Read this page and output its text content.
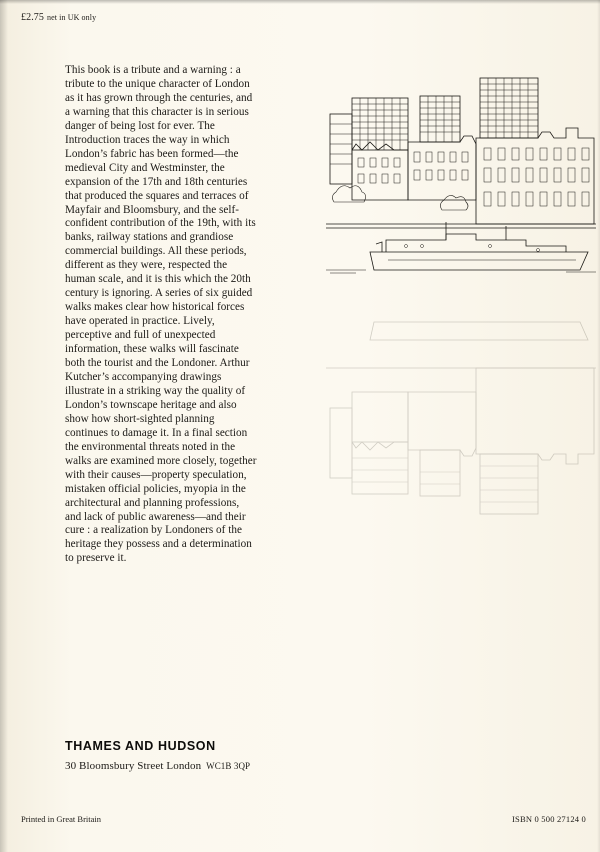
£2.75 net in UK only
This book is a tribute and a warning : a
tribute to the unique character of London
as it has grown through the centuries, and
a warning that this character is in serious
danger of being lost for ever. The
Introduction traces the way in which
London’s fabric has been formed—the
medieval City and Westminster, the
expansion of the 17th and 18th centuries
that produced the squares and terraces of
Mayfair and Bloomsbury, and the self-
confident contribution of the 19th, with its
banks, railway stations and grandiose
commercial buildings. All these periods,
different as they were, respected the
human scale, and it is this which the 20th
century is ignoring. A series of six guided
walks makes clear how historical forces
have operated in practice. Lively,
perceptive and full of unexpected
information, these walks will fascinate
both the tourist and the Londoner. Arthur
Kutcher’s accompanying drawings
illustrate in a striking way the quality of
London’s townscape heritage and also
show how short-sighted planning
continues to damage it. In a final section
the environmental threats noted in the
walks are examined more closely, together
with their causes—property speculation,
mistaken official policies, myopia in the
architectural and planning professions,
and lack of public awareness—and their
cure : a realization by Londoners of the
heritage they possess and a determination
to preserve it.
THAMES AND HUDSON
30 Bloomsbury Street London WC1B 3QP
Printed in Great Britain	ISBN 0 500 27124 0
